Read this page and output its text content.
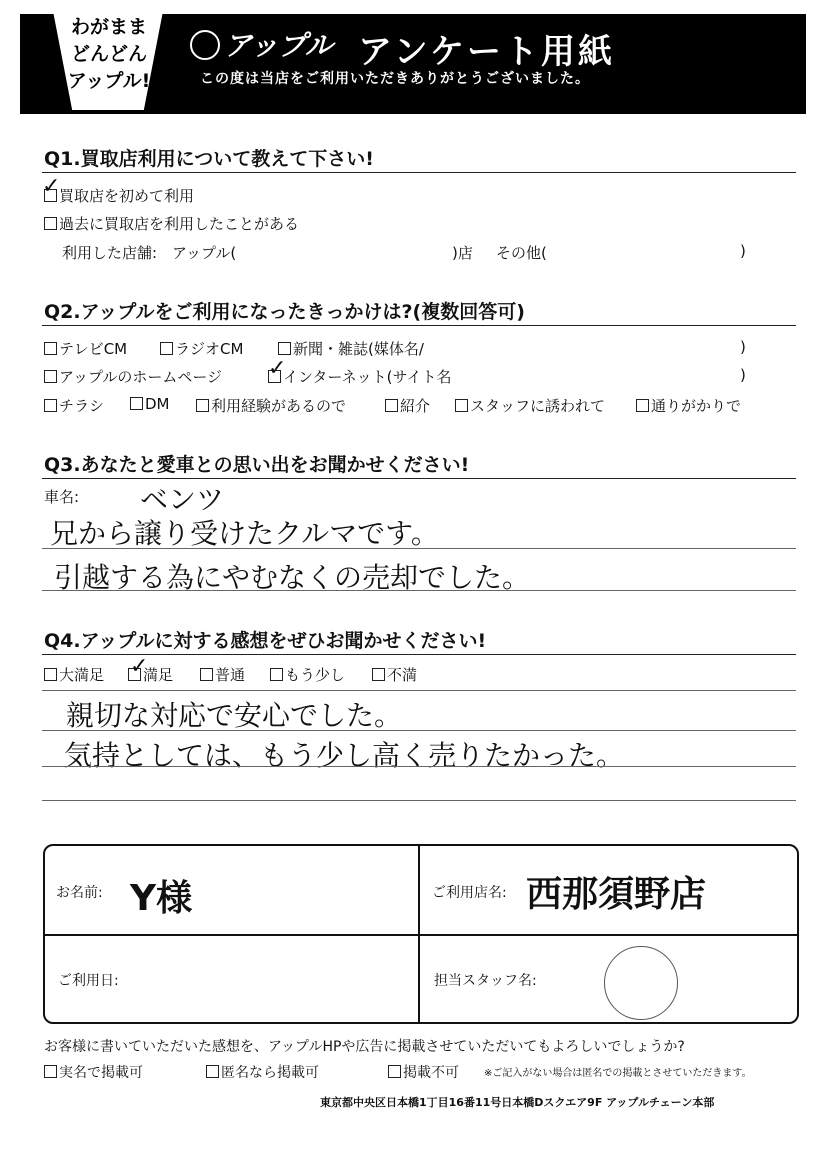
わがまま
どんどん
アップル!
アップル アンケート用紙
この度は当店をご利用いただきありがとうございました。
Q1.買取店利用について教えて下さい!
買取店を初めて利用
✓
過去に買取店を利用したことがある
利用した店舗:　アップル(	)店 その他(	)
Q2.アップルをご利用になったきっかけは?(複数回答可)
テレビCM	ラジオCM	新聞・雑誌(媒体名/	)
アップルのホームページ	インターネット(サイト名
✓	)
チラシ	DM	利用経験があるので	紹介	スタッフに誘われて	通りがかりで
Q3.あなたと愛車との思い出をお聞かせください!
車名: ベンツ
兄から譲り受けたクルマです。
引越する為にやむなくの売却でした。
Q4.アップルに対する感想をぜひお聞かせください!
大満足	満足
✓	普通	もう少し	不満
親切な対応で安心でした。
気持としては、もう少し高く売りたかった。
お名前: Y様	ご利用店名: 西那須野店
ご利用日:	担当スタッフ名:
お客様に書いていただいた感想を、アップルHPや広告に掲載させていただいてもよろしいでしょうか?
実名で掲載可	匿名なら掲載可	掲載不可	※ご記入がない場合は匿名での掲載とさせていただきます。
東京都中央区日本橋1丁目16番11号日本橋Dスクエア9F アップルチェーン本部
